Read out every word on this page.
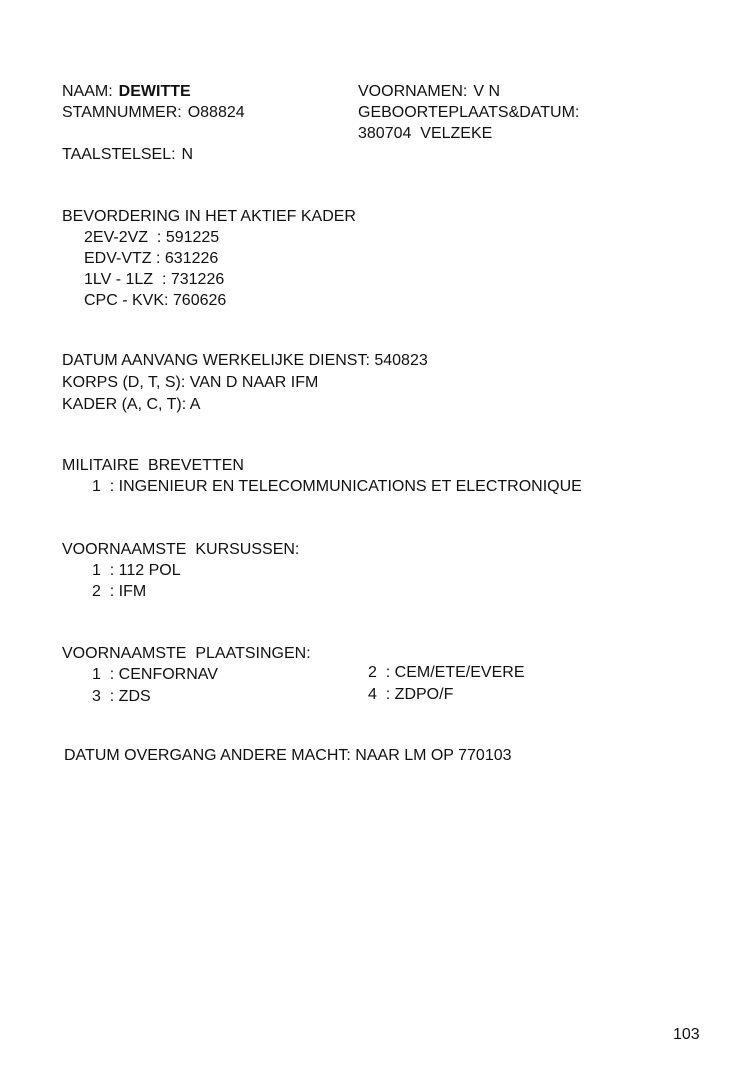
NAAM: DEWITTE
STAMNUMMER: O88824
TAALSTELSEL: N
VOORNAMEN: V N
GEBOORTEPLAATS&DATUM:
380704  VELZEKE
BEVORDERING IN HET AKTIEF KADER
2EV-2VZ  : 591225
EDV-VTZ : 631226
1LV - 1LZ  : 731226
CPC - KVK: 760626
DATUM AANVANG WERKELIJKE DIENST: 540823
KORPS (D, T, S): VAN D NAAR IFM
KADER (A, C, T): A
MILITAIRE  BREVETTEN
1  : INGENIEUR EN TELECOMMUNICATIONS ET ELECTRONIQUE
VOORNAAMSTE  KURSUSSEN:
1  : 112 POL
2  : IFM
VOORNAAMSTE  PLAATSINGEN:
1  : CENFORNAV	2  : CEM/ETE/EVERE
3  : ZDS	4  : ZDPO/F
DATUM OVERGANG ANDERE MACHT: NAAR LM OP 770103
103
